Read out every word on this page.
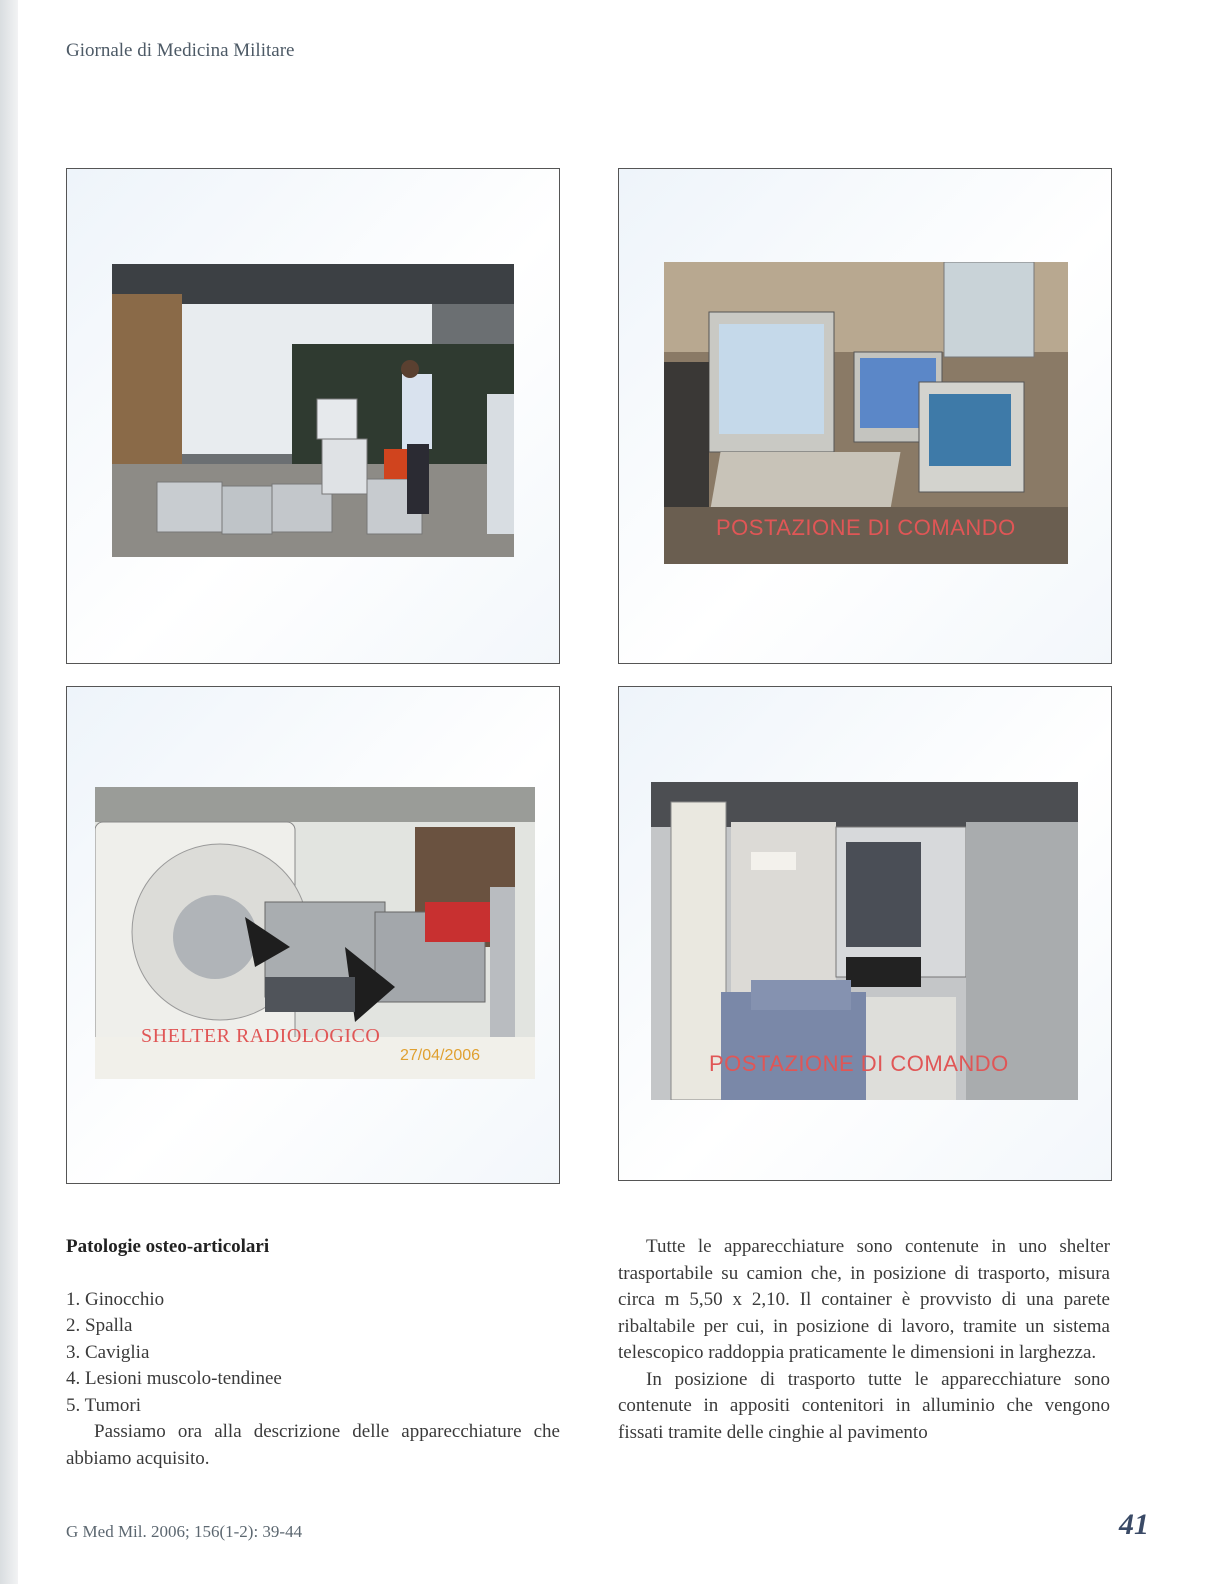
Giornale di Medicina Militare
POSTAZIONE DI COMANDO
SHELTER RADIOLOGICO
27/04/2006	POSTAZIONE DI COMANDO

Patologie osteo-articolari

1. Ginocchio

2. Spalla

3. Caviglia

4. Lesioni muscolo-tendinee

5. Tumori

Passiamo ora alla descrizione delle apparecchiature che abbiamo acquisito.

Tutte le apparecchiature sono contenute in uno shelter trasportabile su camion che, in posizione di trasporto, misura circa m 5,50 x 2,10. Il container è provvisto di una parete ribaltabile per cui, in posizione di lavoro, tramite un sistema telescopico raddoppia praticamente le dimensioni in larghezza.

In posizione di trasporto tutte le apparecchiature sono contenute in appositi contenitori in alluminio che vengono fissati tramite delle cinghie al pavimento

G Med Mil. 2006; 156(1-2): 39-44	41
